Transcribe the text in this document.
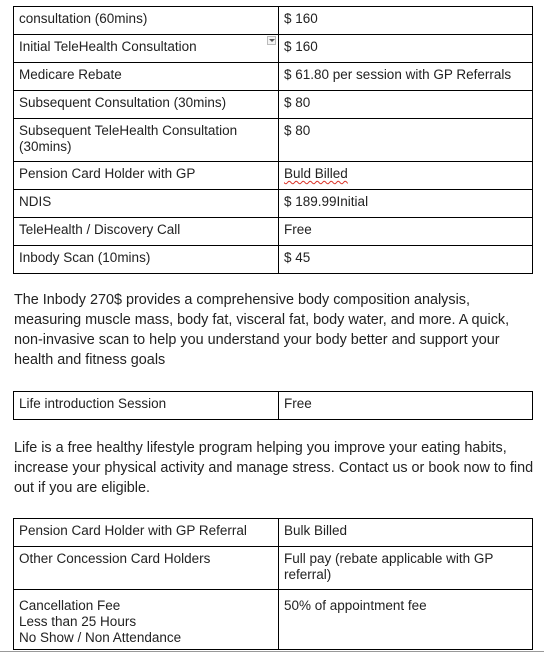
consultation (60mins)	$ 160
Initial TeleHealth Consultation	$ 160
Medicare Rebate	$ 61.80 per session with GP Referrals
Subsequent Consultation (30mins)	$ 80
Subsequent TeleHealth Consultation (30mins)	$ 80
Pension Card Holder with GP	Buld Billed
NDIS	$ 189.99Initial
TeleHealth / Discovery Call	Free
Inbody Scan (10mins)	$ 45
The Inbody 270$ provides a comprehensive body composition analysis, measuring muscle mass, body fat, visceral fat, body water, and more. A quick, non-invasive scan to help you understand your body better and support your health and fitness goals
Life introduction Session	Free
Life is a free healthy lifestyle program helping you improve your eating habits, increase your physical activity and manage stress. Contact us or book now to find out if you are eligible.
Pension Card Holder with GP Referral	Bulk Billed
Other Concession Card Holders	Full pay (rebate applicable with GP referral)

Cancellation Fee
Less than 25 Hours
No Show / Non Attendance	50% of appointment fee
